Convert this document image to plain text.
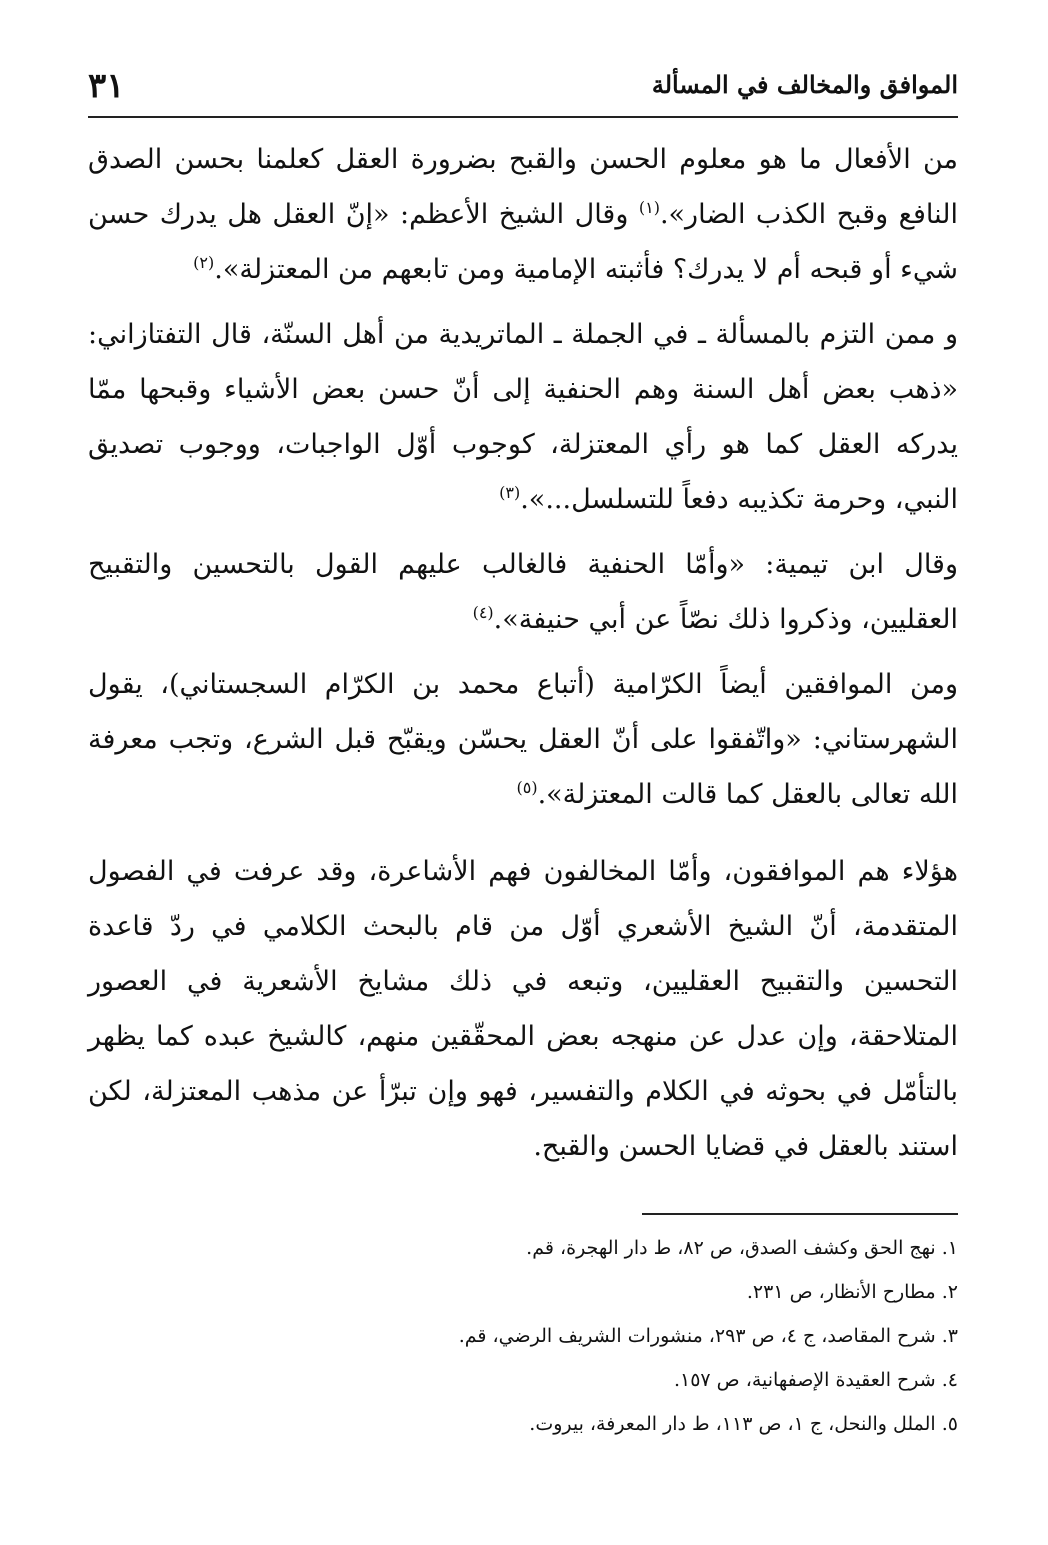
٣١	الموافق والمخالف في المسألة

من الأفعال ما هو معلوم الحسن والقبح بضرورة العقل كعلمنا بحسن الصدق النافع وقبح الكذب الضار».$^{(١)}$ وقال الشيخ الأعظم: «إنّ العقل هل يدرك حسن شيء أو قبحه أم لا يدرك؟ فأثبته الإمامية ومن تابعهم من المعتزلة».$^{(٢)}$

و ممن التزم بالمسألة ـ في الجملة ـ الماتريدية من أهل السنّة، قال التفتازاني: «ذهب بعض أهل السنة وهم الحنفية إلى أنّ حسن بعض الأشياء وقبحها ممّا يدركه العقل كما هو رأي المعتزلة، كوجوب أوّل الواجبات، ووجوب تصديق النبي، وحرمة تكذيبه دفعاً للتسلسل...».$^{(٣)}$

وقال ابن تيمية: «وأمّا الحنفية فالغالب عليهم القول بالتحسين والتقبيح العقليين، وذكروا ذلك نصّاً عن أبي حنيفة».$^{(٤)}$

ومن الموافقين أيضاً الكرّامية (أتباع محمد بن الكرّام السجستاني)، يقول الشهرستاني: «واتّفقوا على أنّ العقل يحسّن ويقبّح قبل الشرع، وتجب معرفة الله تعالى بالعقل كما قالت المعتزلة».$^{(٥)}$

هؤلاء هم الموافقون، وأمّا المخالفون فهم الأشاعرة، وقد عرفت في الفصول المتقدمة، أنّ الشيخ الأشعري أوّل من قام بالبحث الكلامي في ردّ قاعدة التحسين والتقبيح العقليين، وتبعه في ذلك مشايخ الأشعرية في العصور المتلاحقة، وإن عدل عن منهجه بعض المحقّقين منهم، كالشيخ عبده كما يظهر بالتأمّل في بحوثه في الكلام والتفسير، فهو وإن تبرّأ عن مذهب المعتزلة، لكن استند بالعقل في قضايا الحسن والقبح.

١. نهج الحق وكشف الصدق، ص ٨٢، ط دار الهجرة، قم.

٢. مطارح الأنظار، ص ٢٣١.

٣. شرح المقاصد، ج ٤، ص ٢٩٣، منشورات الشريف الرضي، قم.

٤. شرح العقيدة الإصفهانية، ص ١٥٧.

٥. الملل والنحل، ج ١، ص ١١٣، ط دار المعرفة، بيروت.
